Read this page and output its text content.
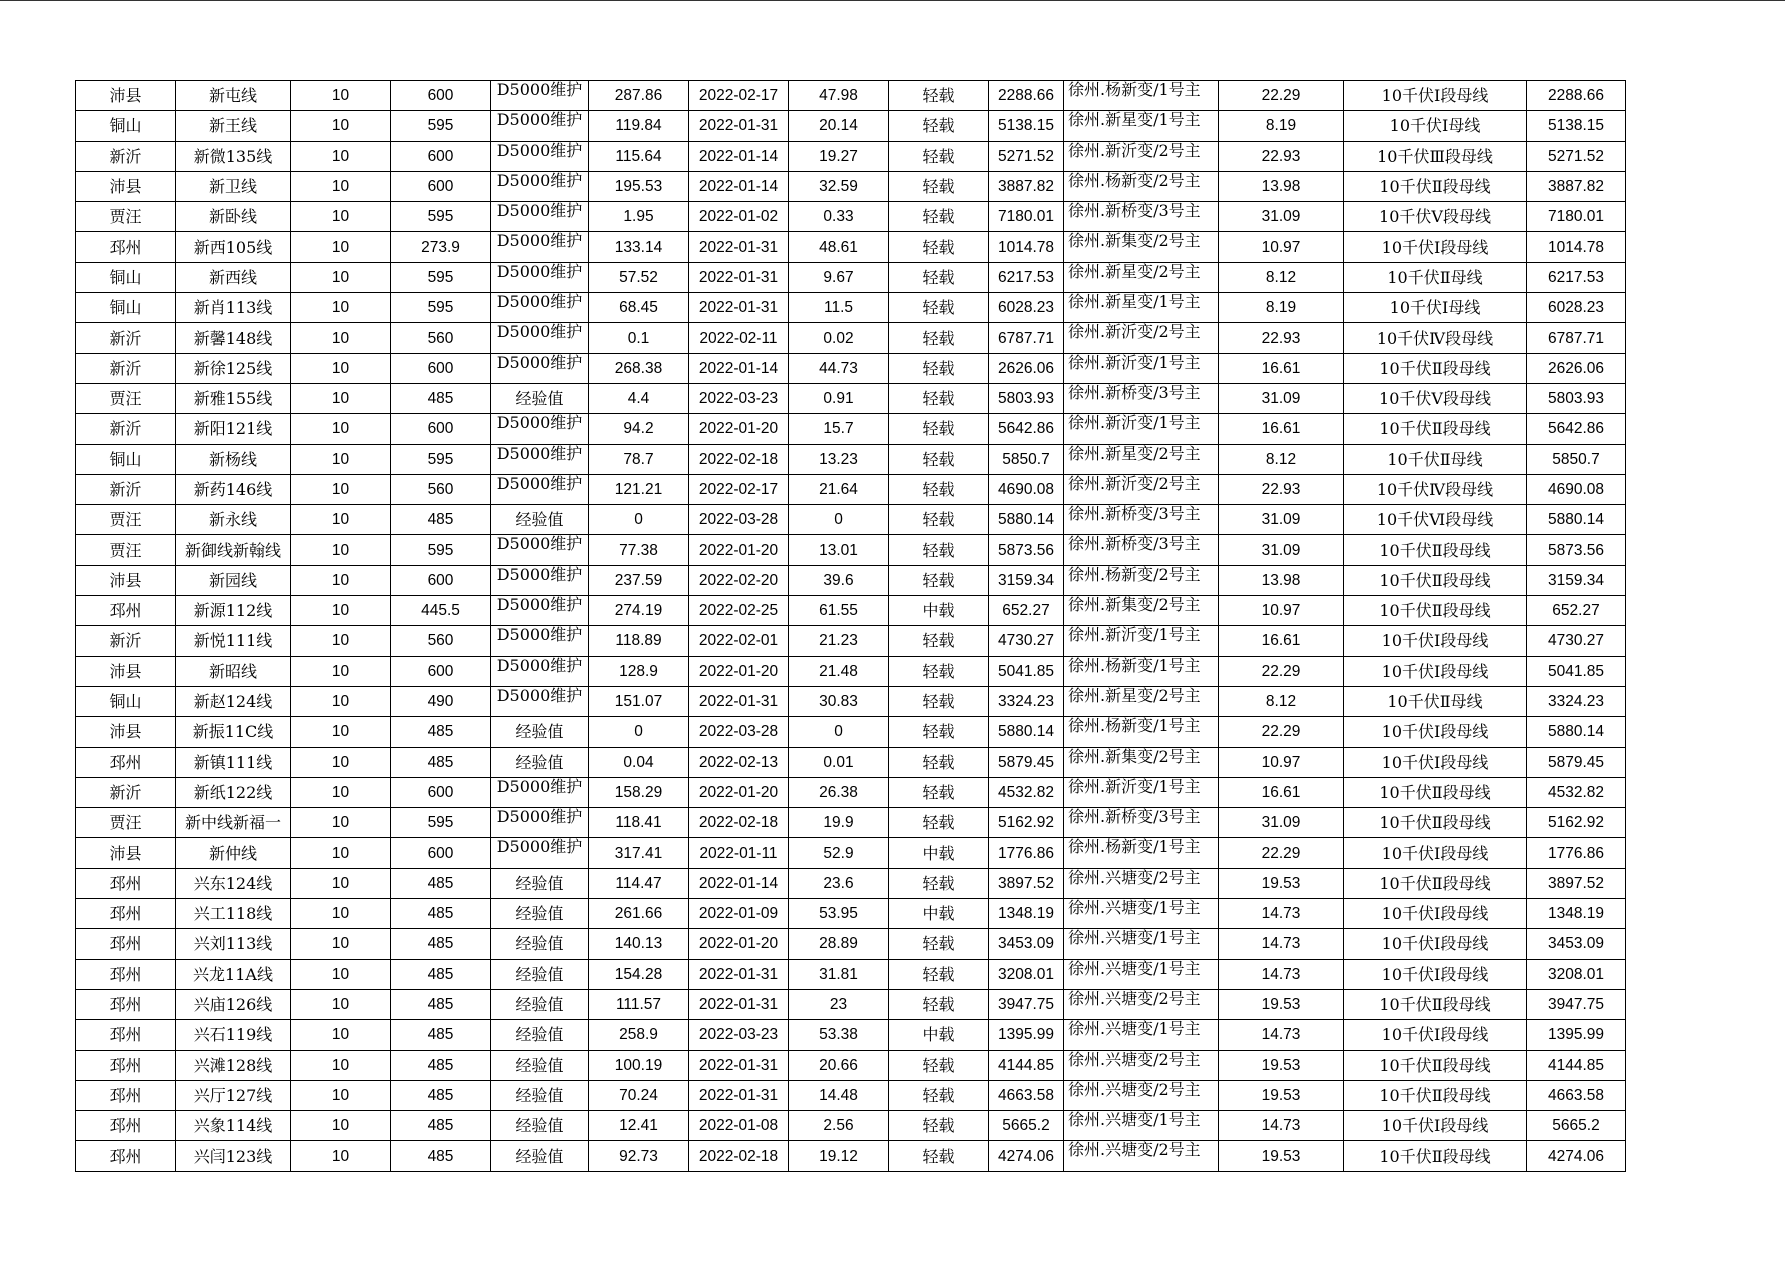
沛县	新屯线	10	600	D5000维护	287.86	2022-02-17	47.98	轻载	2288.66	徐州.杨新变/1号主	22.29	10千伏Ⅰ段母线	2288.66
铜山	新王线	10	595	D5000维护	119.84	2022-01-31	20.14	轻载	5138.15	徐州.新星变/1号主	8.19	10千伏Ⅰ母线	5138.15
新沂	新微135线	10	600	D5000维护	115.64	2022-01-14	19.27	轻载	5271.52	徐州.新沂变/2号主	22.93	10千伏Ⅲ段母线	5271.52
沛县	新卫线	10	600	D5000维护	195.53	2022-01-14	32.59	轻载	3887.82	徐州.杨新变/2号主	13.98	10千伏Ⅱ段母线	3887.82
贾汪	新卧线	10	595	D5000维护	1.95	2022-01-02	0.33	轻载	7180.01	徐州.新桥变/3号主	31.09	10千伏Ⅴ段母线	7180.01
邳州	新西105线	10	273.9	D5000维护	133.14	2022-01-31	48.61	轻载	1014.78	徐州.新集变/2号主	10.97	10千伏Ⅰ段母线	1014.78
铜山	新西线	10	595	D5000维护	57.52	2022-01-31	9.67	轻载	6217.53	徐州.新星变/2号主	8.12	10千伏Ⅱ母线	6217.53
铜山	新肖113线	10	595	D5000维护	68.45	2022-01-31	11.5	轻载	6028.23	徐州.新星变/1号主	8.19	10千伏Ⅰ母线	6028.23
新沂	新馨148线	10	560	D5000维护	0.1	2022-02-11	0.02	轻载	6787.71	徐州.新沂变/2号主	22.93	10千伏Ⅳ段母线	6787.71
新沂	新徐125线	10	600	D5000维护	268.38	2022-01-14	44.73	轻载	2626.06	徐州.新沂变/1号主	16.61	10千伏Ⅱ段母线	2626.06
贾汪	新雅155线	10	485	经验值	4.4	2022-03-23	0.91	轻载	5803.93	徐州.新桥变/3号主	31.09	10千伏Ⅴ段母线	5803.93
新沂	新阳121线	10	600	D5000维护	94.2	2022-01-20	15.7	轻载	5642.86	徐州.新沂变/1号主	16.61	10千伏Ⅱ段母线	5642.86
铜山	新杨线	10	595	D5000维护	78.7	2022-02-18	13.23	轻载	5850.7	徐州.新星变/2号主	8.12	10千伏Ⅱ母线	5850.7
新沂	新药146线	10	560	D5000维护	121.21	2022-02-17	21.64	轻载	4690.08	徐州.新沂变/2号主	22.93	10千伏Ⅳ段母线	4690.08
贾汪	新永线	10	485	经验值	0	2022-03-28	0	轻载	5880.14	徐州.新桥变/3号主	31.09	10千伏Ⅵ段母线	5880.14
贾汪	新御线新翰线	10	595	D5000维护	77.38	2022-01-20	13.01	轻载	5873.56	徐州.新桥变/3号主	31.09	10千伏Ⅱ段母线	5873.56
沛县	新园线	10	600	D5000维护	237.59	2022-02-20	39.6	轻载	3159.34	徐州.杨新变/2号主	13.98	10千伏Ⅱ段母线	3159.34
邳州	新源112线	10	445.5	D5000维护	274.19	2022-02-25	61.55	中载	652.27	徐州.新集变/2号主	10.97	10千伏Ⅱ段母线	652.27
新沂	新悦111线	10	560	D5000维护	118.89	2022-02-01	21.23	轻载	4730.27	徐州.新沂变/1号主	16.61	10千伏Ⅰ段母线	4730.27
沛县	新昭线	10	600	D5000维护	128.9	2022-01-20	21.48	轻载	5041.85	徐州.杨新变/1号主	22.29	10千伏Ⅰ段母线	5041.85
铜山	新赵124线	10	490	D5000维护	151.07	2022-01-31	30.83	轻载	3324.23	徐州.新星变/2号主	8.12	10千伏Ⅱ母线	3324.23
沛县	新振11C线	10	485	经验值	0	2022-03-28	0	轻载	5880.14	徐州.杨新变/1号主	22.29	10千伏Ⅰ段母线	5880.14
邳州	新镇111线	10	485	经验值	0.04	2022-02-13	0.01	轻载	5879.45	徐州.新集变/2号主	10.97	10千伏Ⅰ段母线	5879.45
新沂	新纸122线	10	600	D5000维护	158.29	2022-01-20	26.38	轻载	4532.82	徐州.新沂变/1号主	16.61	10千伏Ⅱ段母线	4532.82
贾汪	新中线新福一	10	595	D5000维护	118.41	2022-02-18	19.9	轻载	5162.92	徐州.新桥变/3号主	31.09	10千伏Ⅱ段母线	5162.92
沛县	新仲线	10	600	D5000维护	317.41	2022-01-11	52.9	中载	1776.86	徐州.杨新变/1号主	22.29	10千伏Ⅰ段母线	1776.86
邳州	兴东124线	10	485	经验值	114.47	2022-01-14	23.6	轻载	3897.52	徐州.兴塘变/2号主	19.53	10千伏Ⅱ段母线	3897.52
邳州	兴工118线	10	485	经验值	261.66	2022-01-09	53.95	中载	1348.19	徐州.兴塘变/1号主	14.73	10千伏Ⅰ段母线	1348.19
邳州	兴刘113线	10	485	经验值	140.13	2022-01-20	28.89	轻载	3453.09	徐州.兴塘变/1号主	14.73	10千伏Ⅰ段母线	3453.09
邳州	兴龙11A线	10	485	经验值	154.28	2022-01-31	31.81	轻载	3208.01	徐州.兴塘变/1号主	14.73	10千伏Ⅰ段母线	3208.01
邳州	兴庙126线	10	485	经验值	111.57	2022-01-31	23	轻载	3947.75	徐州.兴塘变/2号主	19.53	10千伏Ⅱ段母线	3947.75
邳州	兴石119线	10	485	经验值	258.9	2022-03-23	53.38	中载	1395.99	徐州.兴塘变/1号主	14.73	10千伏Ⅰ段母线	1395.99
邳州	兴滩128线	10	485	经验值	100.19	2022-01-31	20.66	轻载	4144.85	徐州.兴塘变/2号主	19.53	10千伏Ⅱ段母线	4144.85
邳州	兴厅127线	10	485	经验值	70.24	2022-01-31	14.48	轻载	4663.58	徐州.兴塘变/2号主	19.53	10千伏Ⅱ段母线	4663.58
邳州	兴象114线	10	485	经验值	12.41	2022-01-08	2.56	轻载	5665.2	徐州.兴塘变/1号主	14.73	10千伏Ⅰ段母线	5665.2
邳州	兴闫123线	10	485	经验值	92.73	2022-02-18	19.12	轻载	4274.06	徐州.兴塘变/2号主	19.53	10千伏Ⅱ段母线	4274.06
